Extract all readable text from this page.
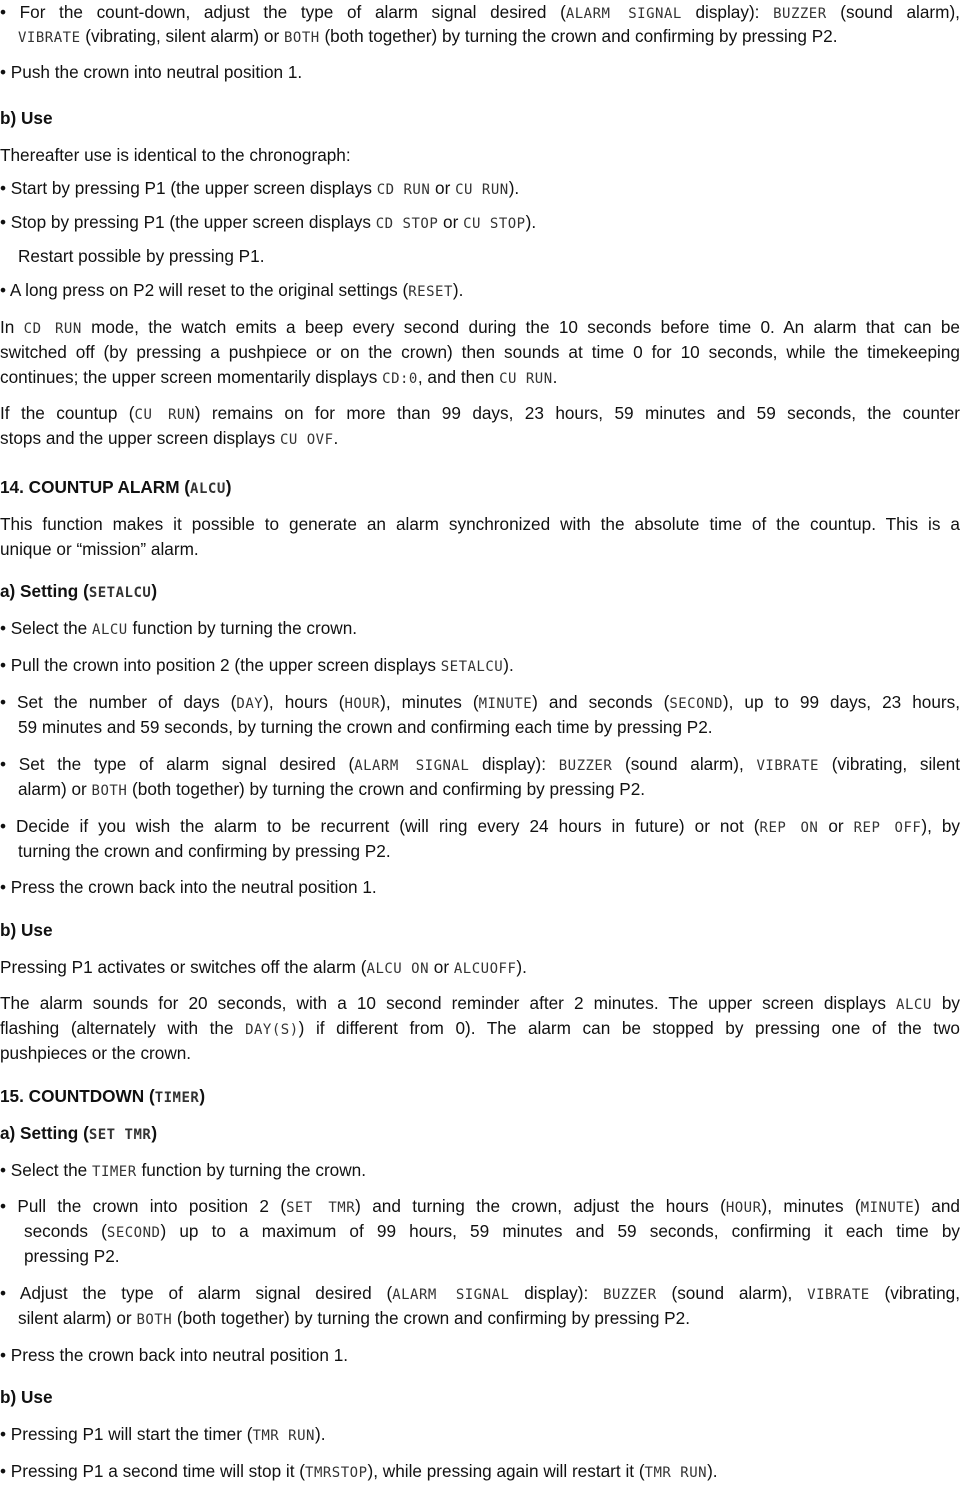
• For the count-down, adjust the type of alarm signal desired (ALARM SIGNAL display): BUZZER (sound alarm),
VIBRATE (vibrating, silent alarm) or BOTH (both together) by turning the crown and confirming by pressing P2.
• Push the crown into neutral position 1.
b) Use
Thereafter use is identical to the chronograph:
• Start by pressing P1 (the upper screen displays CD RUN or CU RUN).
• Stop by pressing P1 (the upper screen displays CD STOP or CU STOP).
Restart possible by pressing P1.
• A long press on P2 will reset to the original settings (RESET).
In CD RUN mode, the watch emits a beep every second during the 10 seconds before time 0. An alarm that can be
switched off (by pressing a pushpiece or on the crown) then sounds at time 0 for 10 seconds, while the timekeeping
continues; the upper screen momentarily displays CD:0, and then CU RUN.
If the countup (CU RUN) remains on for more than 99 days, 23 hours, 59 minutes and 59 seconds, the counter
stops and the upper screen displays CU OVF.
14. COUNTUP ALARM (ALCU)
This function makes it possible to generate an alarm synchronized with the absolute time of the countup. This is a
unique or “mission” alarm.
a) Setting (SETALCU)
• Select the ALCU function by turning the crown.
• Pull the crown into position 2 (the upper screen displays SETALCU).
• Set the number of days (DAY), hours (HOUR), minutes (MINUTE) and seconds (SECOND), up to 99 days, 23 hours,
59 minutes and 59 seconds, by turning the crown and confirming each time by pressing P2.
• Set the type of alarm signal desired (ALARM SIGNAL display): BUZZER (sound alarm), VIBRATE (vibrating, silent
alarm) or BOTH (both together) by turning the crown and confirming by pressing P2.
• Decide if you wish the alarm to be recurrent (will ring every 24 hours in future) or not (REP ON or REP OFF), by
turning the crown and confirming by pressing P2.
• Press the crown back into the neutral position 1.
b) Use
Pressing P1 activates or switches off the alarm (ALCU ON or ALCUOFF).
The alarm sounds for 20 seconds, with a 10 second reminder after 2 minutes. The upper screen displays ALCU by
flashing (alternately with the DAY(S)) if different from 0). The alarm can be stopped by pressing one of the two
pushpieces or the crown.
15. COUNTDOWN (TIMER)
a) Setting (SET TMR)
• Select the TIMER function by turning the crown.
• Pull the crown into position 2 (SET TMR) and turning the crown, adjust the hours (HOUR), minutes (MINUTE) and
seconds (SECOND) up to a maximum of 99 hours, 59 minutes and 59 seconds, confirming it each time by
pressing P2.
• Adjust the type of alarm signal desired (ALARM SIGNAL display): BUZZER (sound alarm), VIBRATE (vibrating,
silent alarm) or BOTH (both together) by turning the crown and confirming by pressing P2.
• Press the crown back into neutral position 1.
b) Use
• Pressing P1 will start the timer (TMR RUN).
• Pressing P1 a second time will stop it (TMRSTOP), while pressing again will restart it (TMR RUN).
